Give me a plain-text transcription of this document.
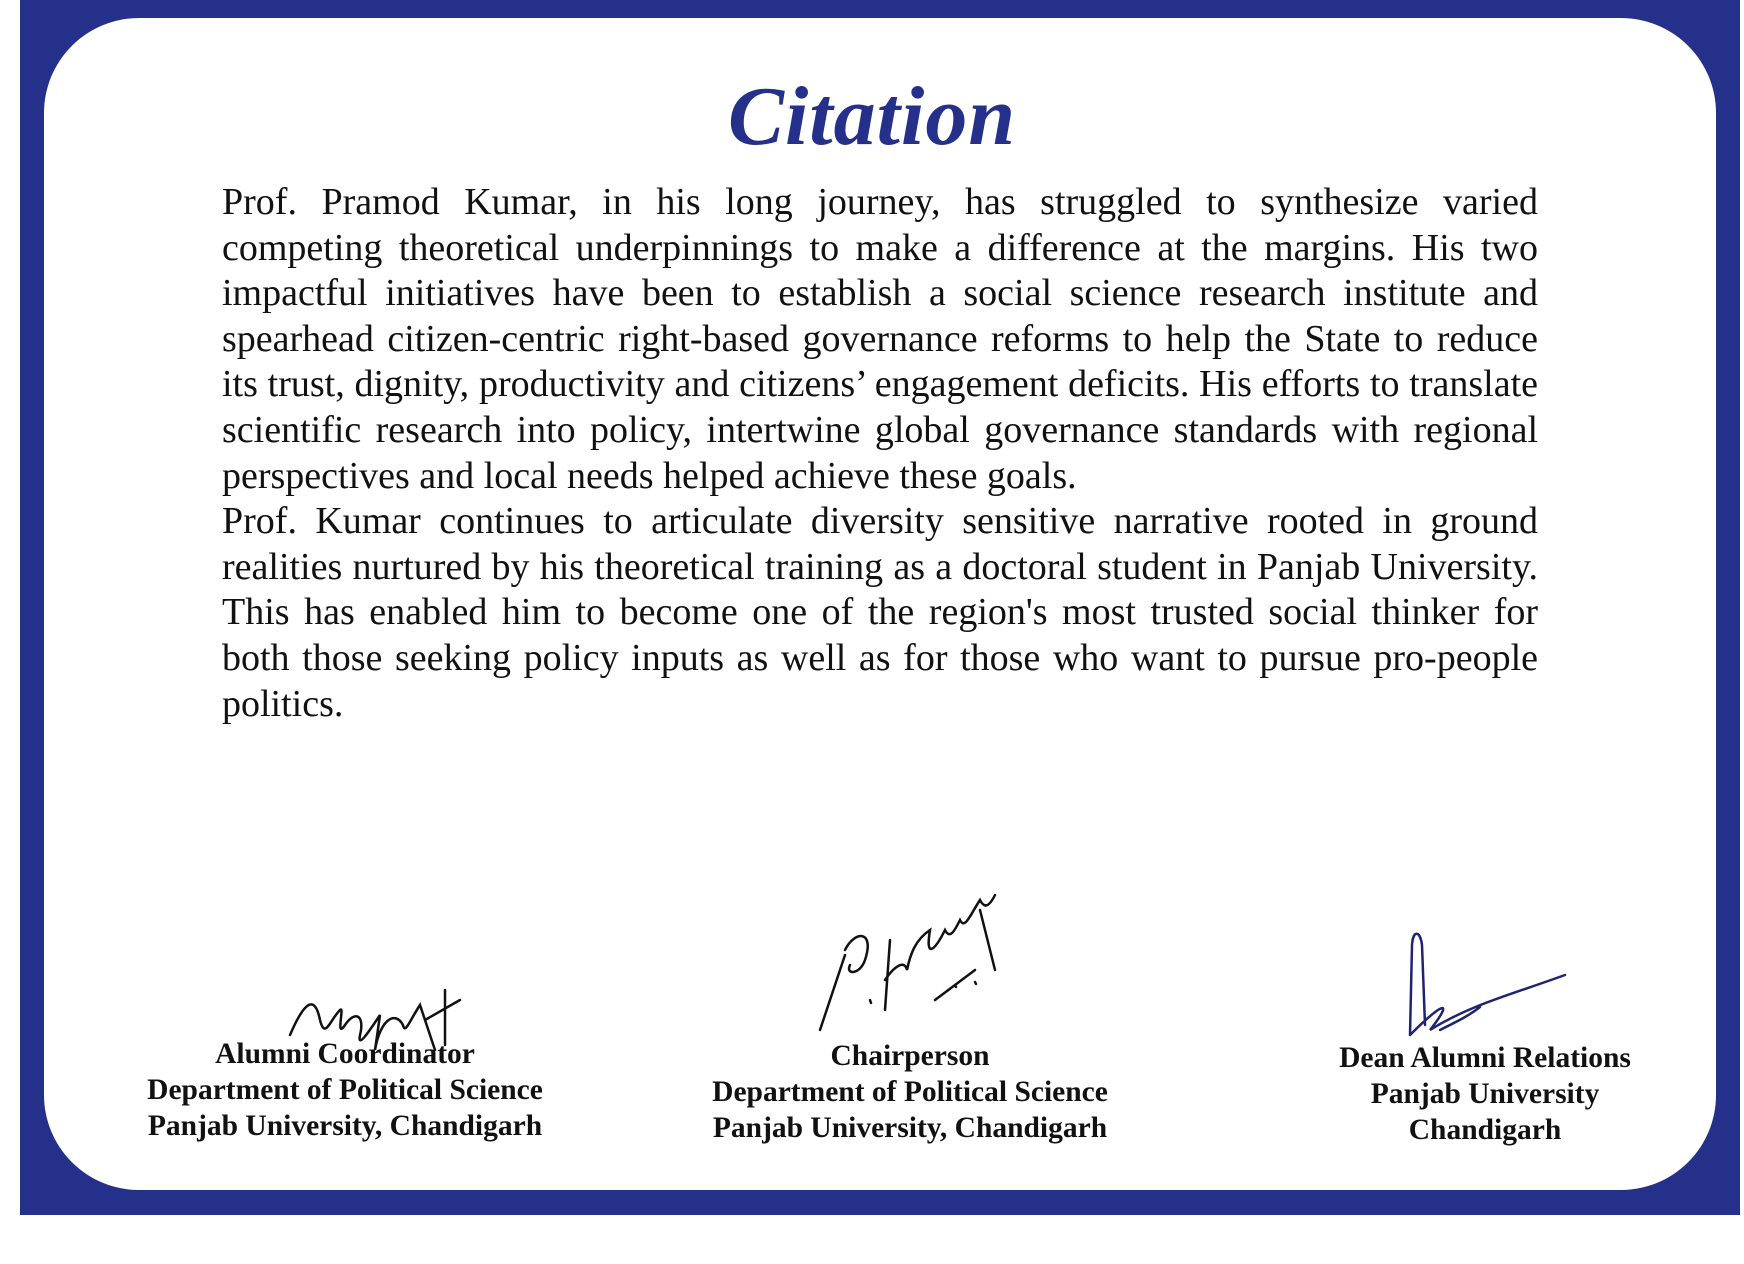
Citation

Prof. Pramod Kumar, in his long journey, has struggled to synthesize varied competing theoretical underpinnings to make a difference at the margins. His two impactful initiatives have been to establish a social science research institute and spearhead citizen-centric right-based governance reforms to help the State to reduce its trust, dignity, productivity and citizens’ engagement deficits. His efforts to translate scientific research into policy, intertwine global governance standards with regional perspectives and local needs helped achieve these goals.

Prof. Kumar continues to articulate diversity sensitive narrative rooted in ground realities nurtured by his theoretical training as a doctoral student in Panjab University. This has enabled him to become one of the region's most trusted social thinker for both those seeking policy inputs as well as for those who want to pursue pro-people politics.

Alumni Coordinator
Department of Political Science
Panjab University, Chandigarh
Chairperson
Department of Political Science
Panjab University, Chandigarh
Dean Alumni Relations
Panjab University
Chandigarh
